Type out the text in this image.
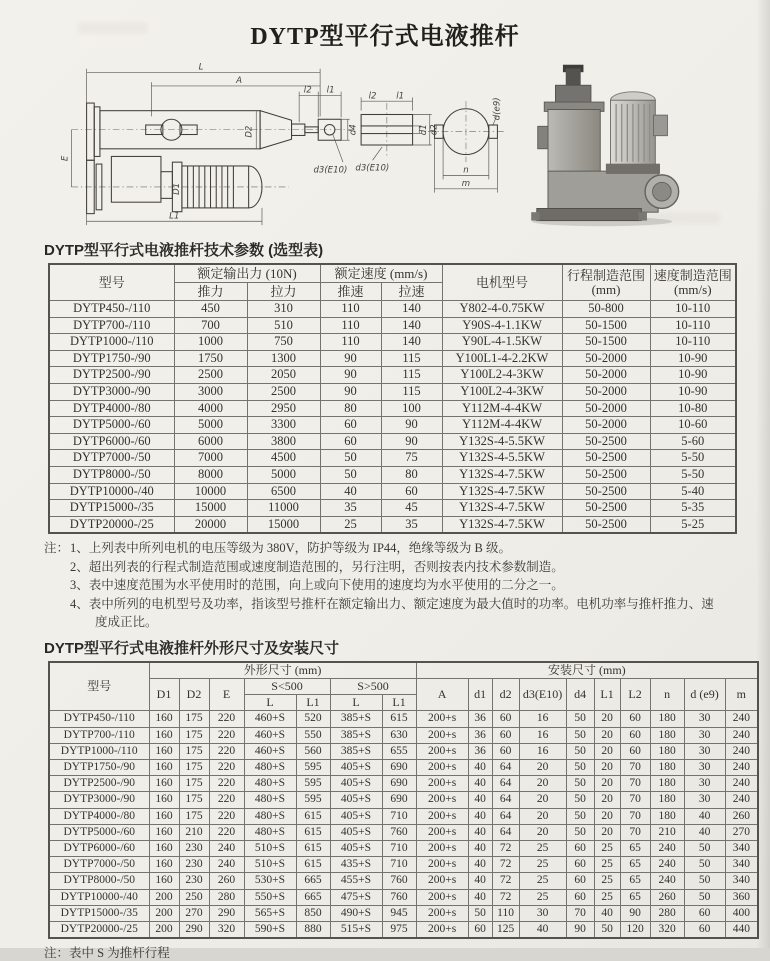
DYTP型平行式电液推杆
L
A
l2 l1
D2	d4
d3(E10)
E
D1
L1
l2 l1
d1 d2
d3(E10)
d(e9)
n
m
DYTP型平行式电液推杆技术参数 (选型表)
型号	额定输出力 (10N)		额定速度 (mm/s)		电机型号	行程制造范围
(mm)	速度制造范围
(mm/s)

	推力	拉力	推速	拉速			
DYTP450-/110	450	310	110	140	Y802-4-0.75KW	50-800	10-110
DYTP700-/110	700	510	110	140	Y90S-4-1.1KW	50-1500	10-110
DYTP1000-/110	1000	750	110	140	Y90L-4-1.5KW	50-1500	10-110
DYTP1750-/90	1750	1300	90	115	Y100L1-4-2.2KW	50-2000	10-90
DYTP2500-/90	2500	2050	90	115	Y100L2-4-3KW	50-2000	10-90
DYTP3000-/90	3000	2500	90	115	Y100L2-4-3KW	50-2000	10-90
DYTP4000-/80	4000	2950	80	100	Y112M-4-4KW	50-2000	10-80
DYTP5000-/60	5000	3300	60	90	Y112M-4-4KW	50-2000	10-60
DYTP6000-/60	6000	3800	60	90	Y132S-4-5.5KW	50-2500	5-60
DYTP7000-/50	7000	4500	50	75	Y132S-4-5.5KW	50-2500	5-50
DYTP8000-/50	8000	5000	50	80	Y132S-4-7.5KW	50-2500	5-50
DYTP10000-/40	10000	6500	40	60	Y132S-4-7.5KW	50-2500	5-40
DYTP15000-/35	15000	11000	35	45	Y132S-4-7.5KW	50-2500	5-35
DYTP20000-/25	20000	15000	25	35	Y132S-4-7.5KW	50-2500	5-25
注：1、上列表中所列电机的电压等级为 380V，防护等级为 IP44，绝缘等级为 B 级。
2、超出列表的行程式制造范围或速度制造范围的，另行注明，否则按表内技术参数制造。
3、表中速度范围为水平使用时的范围，向上或向下使用的速度均为水平使用的二分之一。
4、表中所列的电机型号及功率，指该型号推杆在额定输出力、额定速度为最大值时的功率。电机功率与推杆推力、速度成正比。
DYTP型平行式电液推杆外形尺寸及安装尺寸
型号	外形尺寸 (mm)							安装尺寸 (mm)									
	D1	D2	E	S<500		S>500		A	d1	d2	d3(E10)	d4	L1	L2	n	d (e9)	m
				L	L1	L	L1										
DYTP450-/110	160	175	220	460+S	520	385+S	615	200+s	36	60	16	50	20	60	180	30	240
DYTP700-/110	160	175	220	460+S	550	385+S	630	200+s	36	60	16	50	20	60	180	30	240
DYTP1000-/110	160	175	220	460+S	560	385+S	655	200+s	36	60	16	50	20	60	180	30	240
DYTP1750-/90	160	175	220	480+S	595	405+S	690	200+s	40	64	20	50	20	70	180	30	240
DYTP2500-/90	160	175	220	480+S	595	405+S	690	200+s	40	64	20	50	20	70	180	30	240
DYTP3000-/90	160	175	220	480+S	595	405+S	690	200+s	40	64	20	50	20	70	180	30	240
DYTP4000-/80	160	175	220	480+S	615	405+S	710	200+s	40	64	20	50	20	70	180	40	260
DYTP5000-/60	160	210	220	480+S	615	405+S	760	200+s	40	64	20	50	20	70	210	40	270
DYTP6000-/60	160	230	240	510+S	615	405+S	710	200+s	40	72	25	60	25	65	240	50	340
DYTP7000-/50	160	230	240	510+S	615	435+S	710	200+s	40	72	25	60	25	65	240	50	340
DYTP8000-/50	160	230	260	530+S	665	455+S	760	200+s	40	72	25	60	25	65	240	50	340
DYTP10000-/40	200	250	280	550+S	665	475+S	760	200+s	40	72	25	60	25	65	260	50	360
DYTP15000-/35	200	270	290	565+S	850	490+S	945	200+s	50	110	30	70	40	90	280	60	400
DYTP20000-/25	200	290	320	590+S	880	515+S	975	200+s	60	125	40	90	50	120	320	60	440
注：表中 S 为推杆行程
